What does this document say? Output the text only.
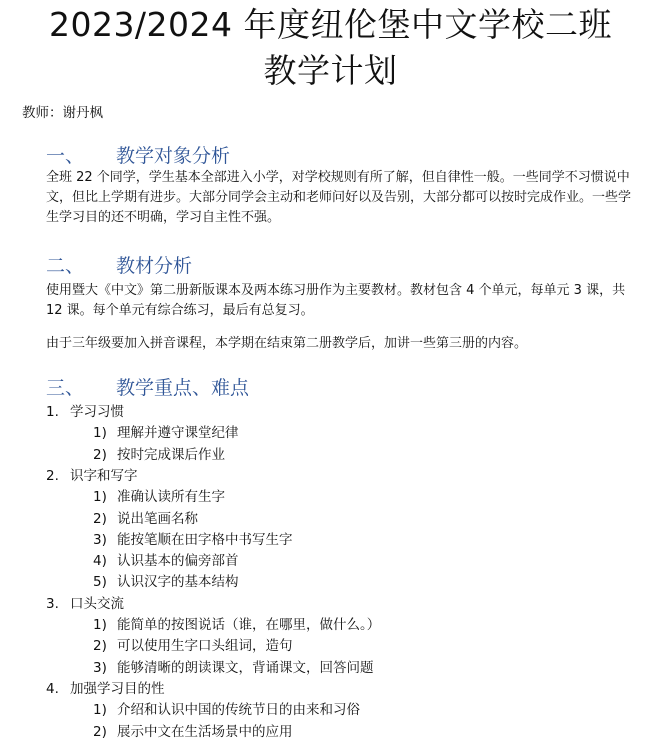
2023/2024 年度纽伦堡中文学校二班
教学计划
教师：谢丹枫
一、	教学对象分析
全班 22 个同学，学生基本全部进入小学，对学校规则有所了解，但自律性一般。一些同学不习惯说中文，但比上学期有进步。大部分同学会主动和老师问好以及告别，大部分都可以按时完成作业。一些学生学习目的还不明确，学习自主性不强。
二、	教材分析
使用暨大《中文》第二册新版课本及两本练习册作为主要教材。教材包含 4 个单元，每单元 3 课，共 12 课。每个单元有综合练习，最后有总复习。
由于三年级要加入拼音课程，本学期在结束第二册教学后，加讲一些第三册的内容。
三、	教学重点、难点
1. 学习习惯
1) 理解并遵守课堂纪律
2) 按时完成课后作业
2. 识字和写字
1) 准确认读所有生字
2) 说出笔画名称
3) 能按笔顺在田字格中书写生字
4) 认识基本的偏旁部首
5) 认识汉字的基本结构
3. 口头交流
1) 能简单的按图说话（谁，在哪里，做什么。）
2) 可以使用生字口头组词，造句
3) 能够清晰的朗读课文，背诵课文，回答问题
4. 加强学习目的性
1) 介绍和认识中国的传统节日的由来和习俗
2) 展示中文在生活场景中的应用
